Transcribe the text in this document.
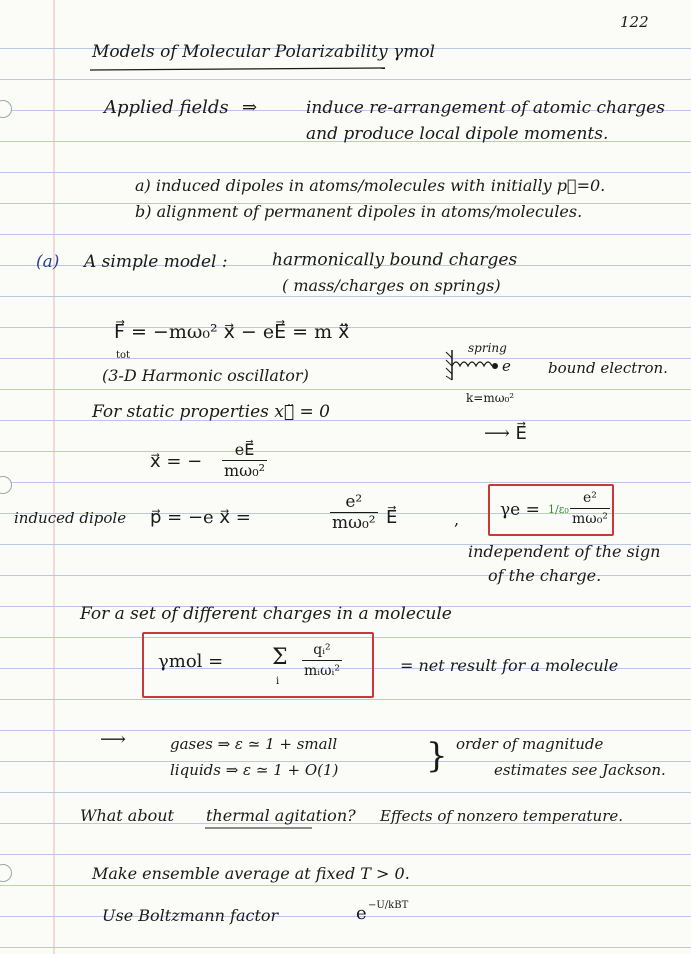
122
Models of Molecular Polarizability γmol
Applied fields ⇒	induce re-arrangement of atomic charges
and produce local dipole moments.
a) induced dipoles in atoms/molecules with initially p⃗=0.
b) alignment of permanent dipoles in atoms/molecules.
(a) A simple model :	harmonically bound charges
( mass/charges on springs)
F⃗ = −mω₀² x⃗ − eE⃗ = m x⃗̈
tot
(3-D Harmonic oscillator)
spring
e bound electron.
k=mω₀²
⟶ E⃗
For static properties x⃗̈ = 0
x⃗ = − $\frac{eE⃗}{\text{mω₀²}}$
induced dipole p⃗ = −e x⃗ =	$\frac{\text{e²}}{\text{mω₀²}}$ E⃗	, $\gamma e = 1/\varepsilon_0 \frac{\text{e²}}{\text{mω₀²}}$
independent of the sign
of the charge.
For a set of different charges in a molecule
γmol = Σ
i
$\frac{\text{qᵢ²}}{\text{mᵢωᵢ²}}$	= net result for a molecule
⟶	gases ⇒ ε ≃ 1 + small
liquids ⇒ ε ≃ 1 + O(1)	} order of magnitude
estimates see Jackson.
What about thermal agitation? Effects of nonzero temperature.
Make ensemble average at fixed T > 0.
Use Boltzmann factor	e −U/kBT
